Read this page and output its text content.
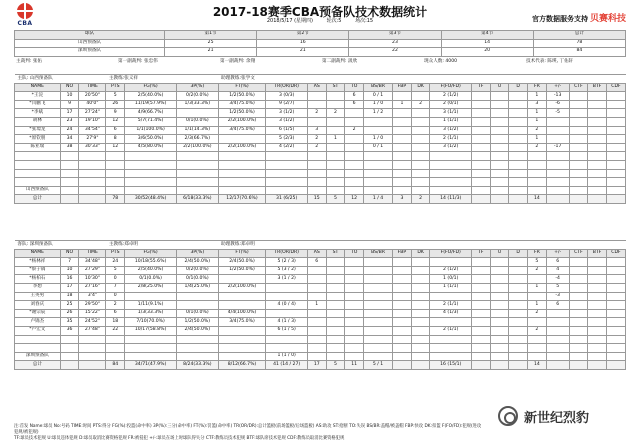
CBA
2017-18赛季CBA预备队技术数据统计
2018/5/17 (星期四)	轮次:5	场次:15	官方数据服务支持 贝赛科技
球队	第1节	第2节	第3节	第4节	总计
山西预备队	25	16	23	14	78
深圳预备队	21	21	22	20	84
主裁判: 张佑	第一副裁判: 张忠伟	第一副裁判: 余翔	第二副裁判: 汲欣	现众人数: 4000	技术代表: 陈瑛, 丁佑轩
主队: 山西预备队			主教练:张义祥			助理教练:张学文																
NAME	NO	TIME	PTS	FG(%)	3P(%)	FT(%)	TR(OR/DR)	AS	ST	TO	BS/BR	FBP	DK	F(FO/FD)	TF	U	D	FR	+/-	CTF	BTF	CDF
*王浣	10	20'50"	5	2/5(40.0%)	0/2(0.0%)	1/2(50.0%)	3 (0/3)			6	0 / 1			2 (1/2)				1	-13			
*闫鹏飞	9	40'0"	26	11/19(57.9%)	1/3(33.3%)	3/4(75.0%)	9 (2/7)			6	1 / 0	1	2	2 (0/1)				3	-6			
*李斌	17	27'24"	9	4/9(66.7%)		1/2(50.0%)	3 (1/2)	2	2		1 / 2			3 (1/1)				1	-5			
胡林	23	19'10"	12	5/7(71.4%)	0/1(0.0%)	2/2(100.0%)	3 (1/2)							1 (1/1)				1				
*张璟龙	24	34'54"	6	1/1(100.0%)	1/1(14.3%)	3/4(75.0%)	6 (1/5)	3		2				3 (1/2)				2				
*原钦朋	34	27'9"	8	3/6(50.0%)	2/3(66.7%)		5 (2/3)	2	1		1 / 0			2 (1/1)				1				
陈亚瑞	38	30'33"	12	4/5(80.0%)	2/2(100.0%)	2/2(100.0%)	4 (2/2)	2			0 / 1			3 (1/2)				2	-17			

山西预备队																						
总计			78	30/52(48.4%)	6/18(33.3%)	12/17(70.6%)	31 (6/25)	15	5	12	1 / 4	3	2	14 (11/3)				14				
客队: 深圳预备队			主教练:郑卓明			助理教练:郑卓明																
NAME	NO	TIME	PTS	FG(%)	3P(%)	FT(%)	TR(OR/DR)	AS	ST	TO	BS/BR	FBP	DK	F(FO/FD)	TF	U	D	FR	+/-	CTF	BTF	CDF
*杨林祥	7	34'48"	24	10/18(55.6%)	2/4(50.0%)	2/4(50.0%)	5 (2 / 3)	6										5	6			
*蔡子镐	10	27'29"	5	2/5(40.0%)	0/2(0.0%)	1/2(50.0%)	5 (3 / 2)							2 (1/2)				2	4			
*杨柏石	16	10'30"	0	0/1(0.0%)	0/1(0.0%)		3 (1 / 2)							1 (0/1)					-4			
李想	17	27'16"	7	2/8(25.0%)	1/4(25.0%)	2/2(100.0%)								1 (1/1)				1	5			
王英男	18	3'4"	0																-3			
刘春庆	25	29'50"	2	1/11(9.1%)			4 (0 / 4)	1						2 (1/1)				1	6			
*谢宗辰	26	15'22"	6	1/3(33.3%)	0/1(0.0%)	4/4(100.0%)								4 (1/3)				2				
卢锦杰	35	24'52"	18	7/10(70.0%)	1/2(50.0%)	3/4(75.0%)	4 (1 / 3)															
*卢宏文	36	27'48"	22	10/17(58.8%)	2/4(50.0%)		6 (1 / 5)							2 (1/1)				2				

深圳预备队							1 (1 / 0)															
总计			84	34/71(47.9%)	8/24(33.3%)	8/12(66.7%)	41 (14 / 27)	17	5	11	5 / 1			16 (15/1)				14				
注:首发 Name:球员 No:号码 TIME:时间 PTS:得分 FG(%):投篮(命中率) 3P(%):三分(命中率) FT(%):罚篮(命中率) TR(OR/DR):总计篮板(前场篮板/后场篮板) AS:助攻 ST:抢断 TO:失误 BS/BR:盖帽/被盖帽 FBP:快攻 DK:扣篮 F(FO/FD):犯规(进攻犯规/被犯规)
TF:球员技术犯规 U:球员违体犯规 D:球员取消比赛资格犯规 FR:被侵犯 +/-:球员在场上时球队得失分 CTF:教练员技术犯规 BTF:球队席技术犯规 CDF:教练员取消比赛资格犯规
新世纪烈豹
